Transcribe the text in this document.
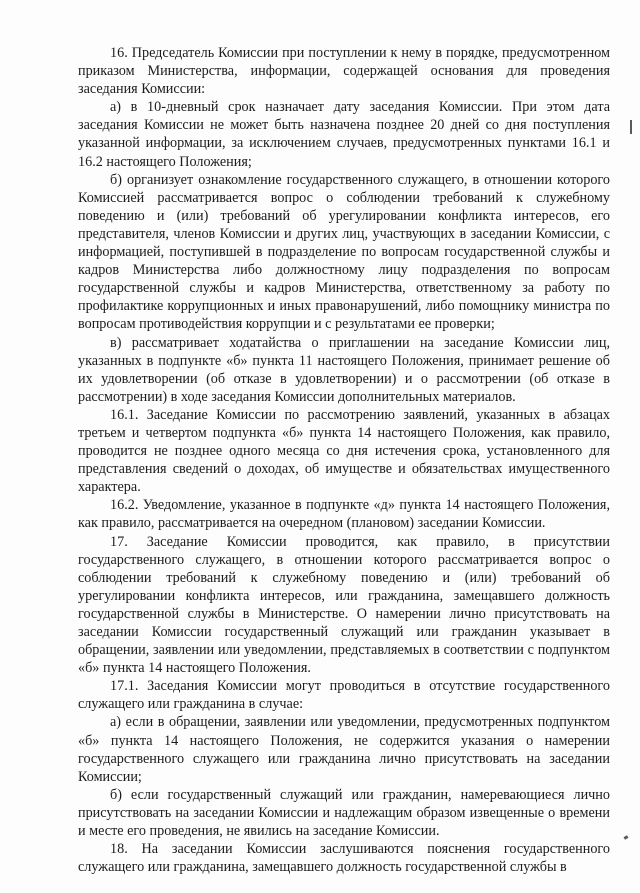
16. Председатель Комиссии при поступлении к нему в порядке, предусмотренном приказом Министерства, информации, содержащей основания для проведения заседания Комиссии:

а) в 10-дневный срок назначает дату заседания Комиссии. При этом дата заседания Комиссии не может быть назначена позднее 20 дней со дня поступления указанной информации, за исключением случаев, предусмотренных пунктами 16.1 и 16.2 настоящего Положения;

б) организует ознакомление государственного служащего, в отношении которого Комиссией рассматривается вопрос о соблюдении требований к служебному поведению и (или) требований об урегулировании конфликта интересов, его представителя, членов Комиссии и других лиц, участвующих в заседании Комиссии, с информацией, поступившей в подразделение по вопросам государственной службы и кадров Министерства либо должностному лицу подразделения по вопросам государственной службы и кадров Министерства, ответственному за работу по профилактике коррупционных и иных правонарушений, либо помощнику министра по вопросам противодействия коррупции и с результатами ее проверки;

в) рассматривает ходатайства о приглашении на заседание Комиссии лиц, указанных в подпункте «б» пункта 11 настоящего Положения, принимает решение об их удовлетворении (об отказе в удовлетворении) и о рассмотрении (об отказе в рассмотрении) в ходе заседания Комиссии дополнительных материалов.

16.1. Заседание Комиссии по рассмотрению заявлений, указанных в абзацах третьем и четвертом подпункта «б» пункта 14 настоящего Положения, как правило, проводится не позднее одного месяца со дня истечения срока, установленного для представления сведений о доходах, об имуществе и обязательствах имущественного характера.

16.2. Уведомление, указанное в подпункте «д» пункта 14 настоящего Положения, как правило, рассматривается на очередном (плановом) заседании Комиссии.

17. Заседание Комиссии проводится, как правило, в присутствии государственного служащего, в отношении которого рассматривается вопрос о соблюдении требований к служебному поведению и (или) требований об урегулировании конфликта интересов, или гражданина, замещавшего должность государственной службы в Министерстве. О намерении лично присутствовать на заседании Комиссии государственный служащий или гражданин указывает в обращении, заявлении или уведомлении, представляемых в соответствии с подпунктом «б» пункта 14 настоящего Положения.

17.1. Заседания Комиссии могут проводиться в отсутствие государственного служащего или гражданина в случае:

а) если в обращении, заявлении или уведомлении, предусмотренных подпунктом «б» пункта 14 настоящего Положения, не содержится указания о намерении государственного служащего или гражданина лично присутствовать на заседании Комиссии;

б) если государственный служащий или гражданин, намеревающиеся лично присутствовать на заседании Комиссии и надлежащим образом извещенные о времени и месте его проведения, не явились на заседание Комиссии.

18. На заседании Комиссии заслушиваются пояснения государственного служащего или гражданина, замещавшего должность государственной службы в
